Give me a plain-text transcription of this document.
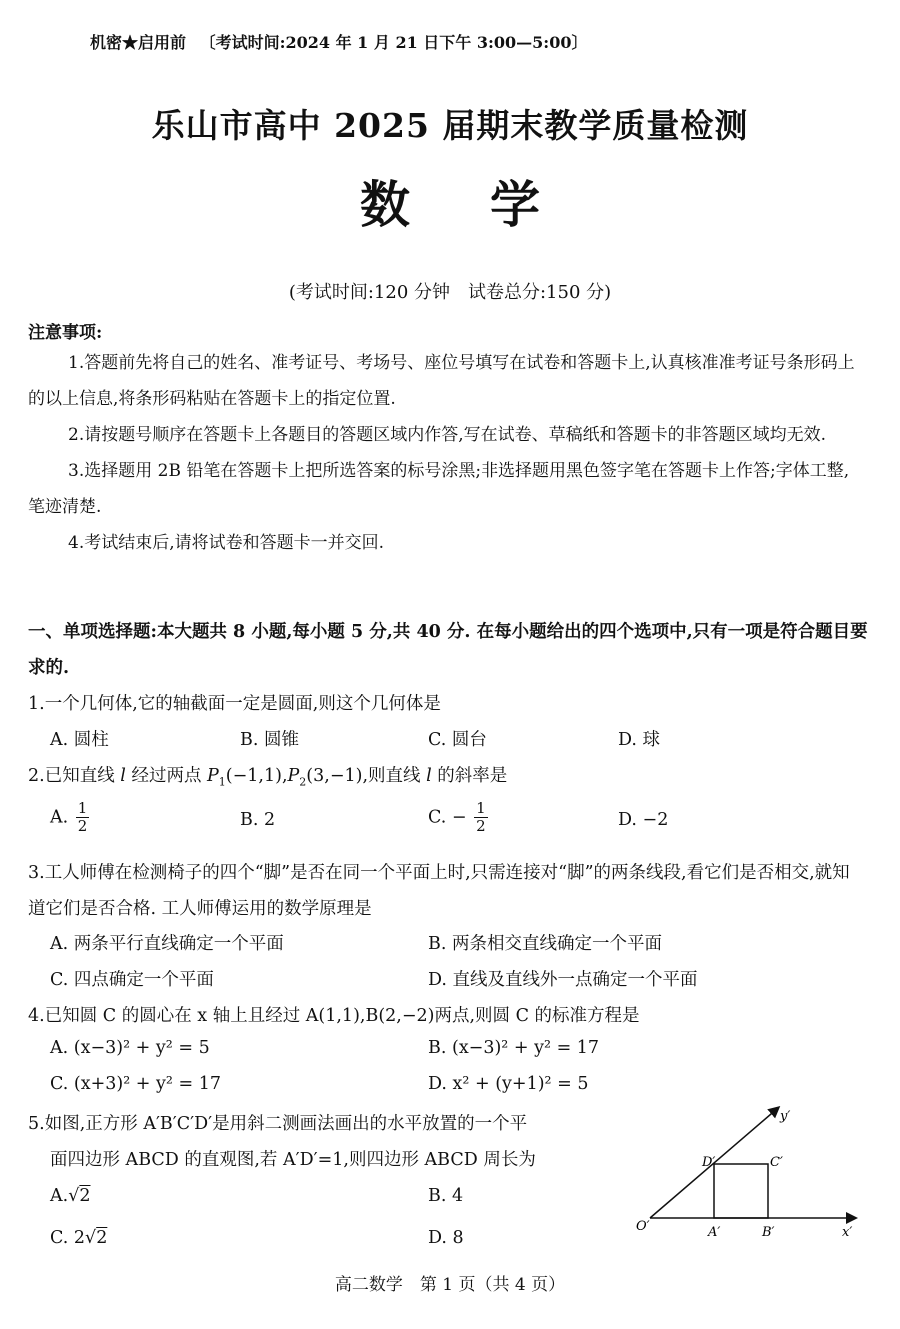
机密★启用前 〔考试时间:2024 年 1 月 21 日下午 3:00—5:00〕
乐山市高中 2025 届期末教学质量检测
数学
(考试时间:120 分钟　试卷总分:150 分)
注意事项:
1.答题前先将自己的姓名、准考证号、考场号、座位号填写在试卷和答题卡上,认真核准准考证号条形码上的以上信息,将条形码粘贴在答题卡上的指定位置.
2.请按题号顺序在答题卡上各题目的答题区域内作答,写在试卷、草稿纸和答题卡的非答题区域均无效.
3.选择题用 2B 铅笔在答题卡上把所选答案的标号涂黑;非选择题用黑色签字笔在答题卡上作答;字体工整,笔迹清楚.
4.考试结束后,请将试卷和答题卡一并交回.
一、单项选择题:本大题共 8 小题,每小题 5 分,共 40 分. 在每小题给出的四个选项中,只有一项是符合题目要求的.
1.一个几何体,它的轴截面一定是圆面,则这个几何体是
A. 圆柱	B. 圆锥	C. 圆台	D. 球
2.已知直线 l 经过两点 $P_1(-1,1),P_2(3,-1)$,则直线 l 的斜率是
A. $\frac{1}{2}$	B. 2	C. − $\frac{1}{2}$	D. −2
3.工人师傅在检测椅子的四个“脚”是否在同一个平面上时,只需连接对“脚”的两条线段,看它们是否相交,就知道它们是否合格. 工人师傅运用的数学原理是
A. 两条平行直线确定一个平面	B. 两条相交直线确定一个平面
C. 四点确定一个平面	D. 直线及直线外一点确定一个平面
4.已知圆 C 的圆心在 x 轴上且经过 A(1,1),B(2,−2)两点,则圆 C 的标准方程是
A. (x−3)² + y² = 5	B. (x−3)² + y² = 17
C. (x+3)² + y² = 17	D. x² + (y+1)² = 5
5.如图,正方形 A′B′C′D′是用斜二测画法画出的水平放置的一个平
面四边形 ABCD 的直观图,若 A′D′=1,则四边形 ABCD 周长为
A.√2	B. 4
C. 2√2	D. 8
y′
x′
O′	A′	B′
C′
D′
高二数学　第 1 页（共 4 页）
